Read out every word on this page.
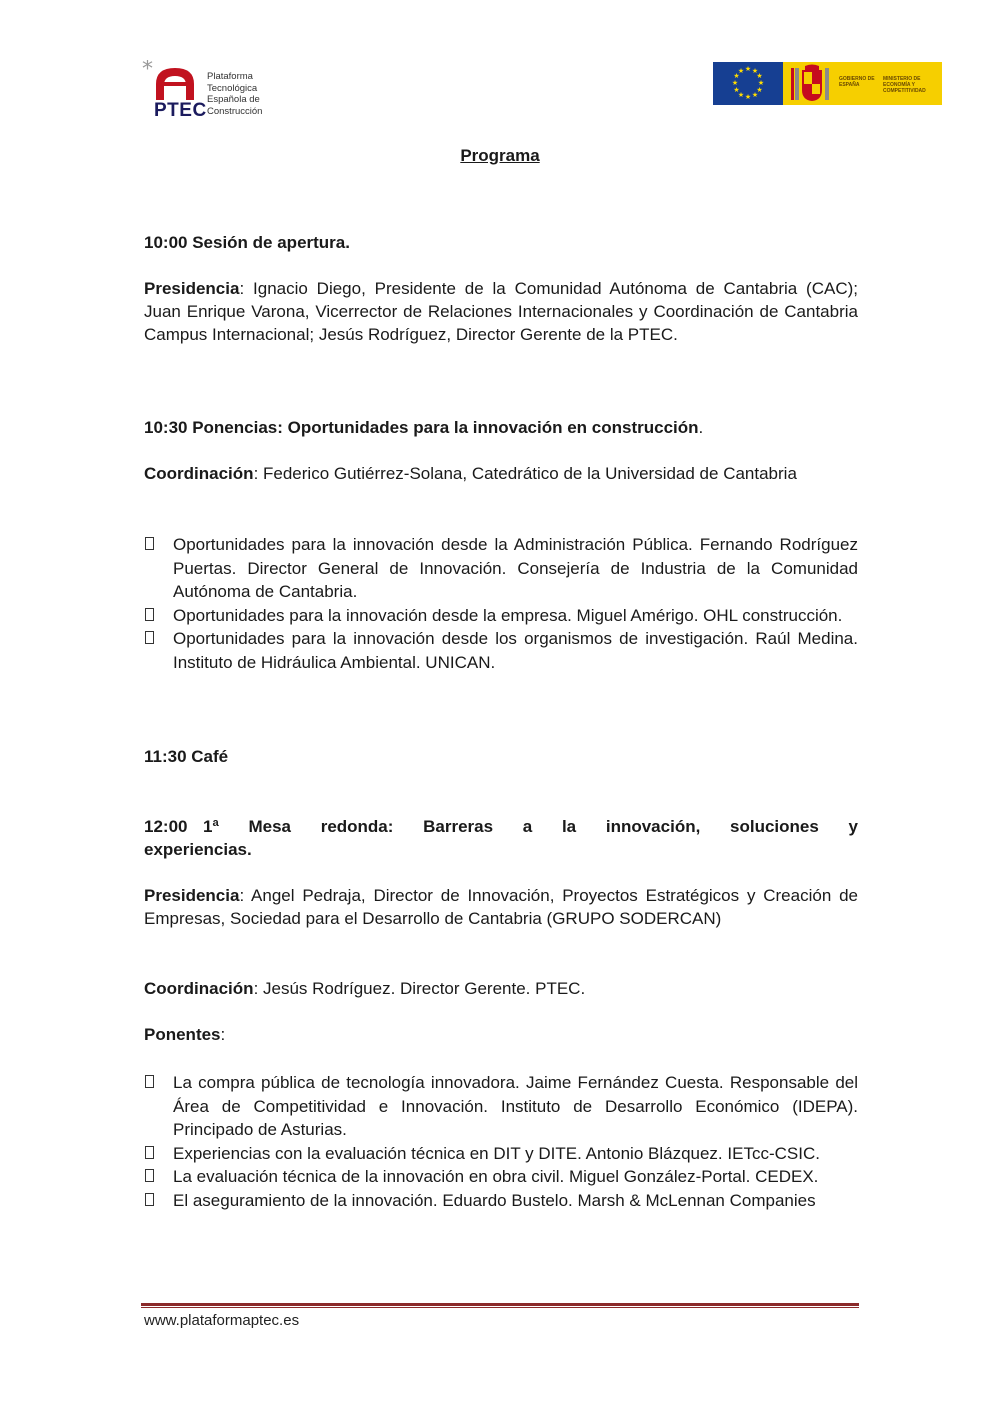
*
PTEC
Plataforma
Tecnológica
Española de
Construcción
★ ★
★
★
★
★
★
★
★
★
★
★
GOBIERNO DE ESPAÑA
MINISTERIO DE ECONOMÍA Y COMPETITIVIDAD
Programa
10:00 Sesión de apertura.
Presidencia: Ignacio Diego, Presidente de la Comunidad Autónoma de Cantabria (CAC); Juan Enrique Varona, Vicerrector de Relaciones Internacionales y Coordinación de Cantabria Campus Internacional; Jesús Rodríguez, Director Gerente de la PTEC.
10:30 Ponencias: Oportunidades para la innovación en construcción.
Coordinación: Federico Gutiérrez-Solana, Catedrático de la Universidad de Cantabria
Oportunidades para la innovación desde la Administración Pública. Fernando Rodríguez Puertas. Director General de Innovación. Consejería de Industria de la Comunidad Autónoma de Cantabria.
Oportunidades para la innovación desde la empresa. Miguel Amérigo. OHL construcción.
Oportunidades para la innovación desde los organismos de investigación. Raúl Medina. Instituto de Hidráulica Ambiental. UNICAN.
11:30 Café
12:00 1ª Mesa redonda: Barreras a la innovación, soluciones y
experiencias.
Presidencia: Angel Pedraja, Director de Innovación, Proyectos Estratégicos y Creación de Empresas, Sociedad para el Desarrollo de Cantabria (GRUPO SODERCAN)
Coordinación: Jesús Rodríguez. Director Gerente. PTEC.
Ponentes:
La compra pública de tecnología innovadora. Jaime Fernández Cuesta. Responsable del Área de Competitividad e Innovación. Instituto de Desarrollo Económico (IDEPA). Principado de Asturias.
Experiencias con la evaluación técnica en DIT y DITE. Antonio Blázquez. IETcc-CSIC.
La evaluación técnica de la innovación en obra civil. Miguel González-Portal. CEDEX.
El aseguramiento de la innovación. Eduardo Bustelo. Marsh & McLennan Companies
www.plataformaptec.es
